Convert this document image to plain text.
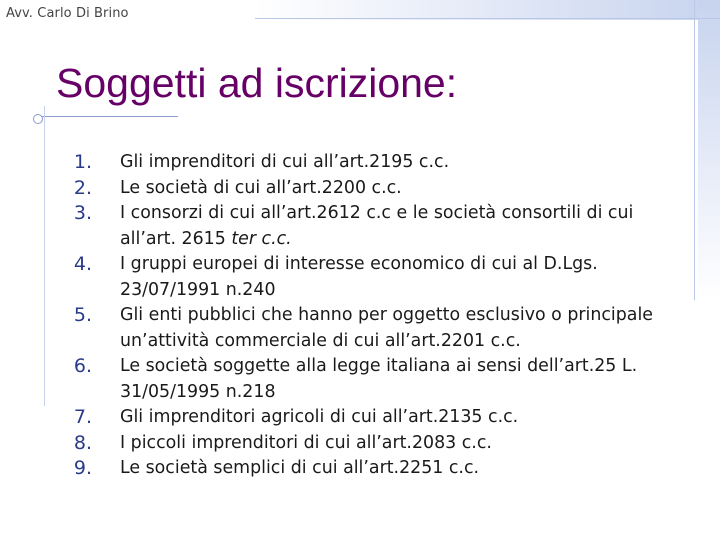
Avv. Carlo Di Brino
Soggetti ad iscrizione:
1.	Gli imprenditori di cui all’art.2195 c.c.
2.	Le società di cui all’art.2200 c.c.
3.	I consorzi di cui all’art.2612 c.c e le società consortili di cui all’art. 2615 ter c.c.
4.	I gruppi europei di interesse economico di cui al D.Lgs. 23/07/1991 n.240
5.	Gli enti pubblici che hanno per oggetto esclusivo o principale un’attività commerciale di cui all’art.2201 c.c.
6.	Le società soggette alla legge italiana ai sensi dell’art.25 L. 31/05/1995 n.218
7.	Gli imprenditori agricoli di cui all’art.2135 c.c.
8.	I piccoli imprenditori di cui all’art.2083 c.c.
9.	Le società semplici di cui all’art.2251 c.c.
